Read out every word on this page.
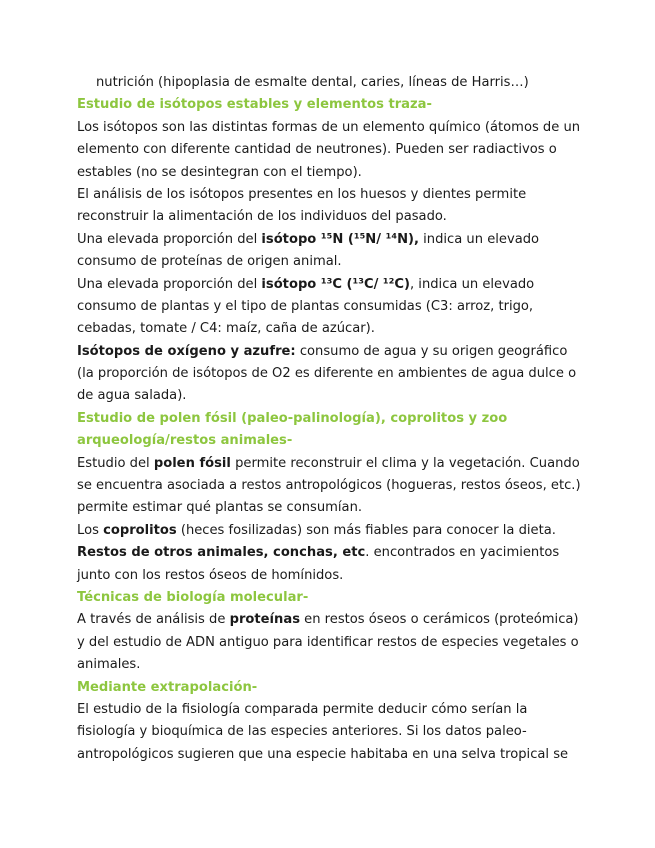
nutrición (hipoplasia de esmalte dental, caries, líneas de Harris…)
Estudio de isótopos estables y elementos traza-
Los isótopos son las distintas formas de un elemento químico (átomos de un
elemento con diferente cantidad de neutrones). Pueden ser radiactivos o
estables (no se desintegran con el tiempo).
El análisis de los isótopos presentes en los huesos y dientes permite
reconstruir la alimentación de los individuos del pasado.
Una elevada proporción del isótopo ¹⁵N (¹⁵N/ ¹⁴N), indica un elevado
consumo de proteínas de origen animal.
Una elevada proporción del isótopo ¹³C (¹³C/ ¹²C), indica un elevado
consumo de plantas y el tipo de plantas consumidas (C3: arroz, trigo,
cebadas, tomate / C4: maíz, caña de azúcar).
Isótopos de oxígeno y azufre: consumo de agua y su origen geográfico
(la proporción de isótopos de O2 es diferente en ambientes de agua dulce o
de agua salada).
Estudio de polen fósil (paleo-palinología), coprolitos y zoo
arqueología/restos animales-
Estudio del polen fósil permite reconstruir el clima y la vegetación. Cuando
se encuentra asociada a restos antropológicos (hogueras, restos óseos, etc.)
permite estimar qué plantas se consumían.
Los coprolitos (heces fosilizadas) son más fiables para conocer la dieta.
Restos de otros animales, conchas, etc. encontrados en yacimientos
junto con los restos óseos de homínidos.
Técnicas de biología molecular-
A través de análisis de proteínas en restos óseos o cerámicos (proteómica)
y del estudio de ADN antiguo para identificar restos de especies vegetales o
animales.
Mediante extrapolación-
El estudio de la fisiología comparada permite deducir cómo serían la
fisiología y bioquímica de las especies anteriores. Si los datos paleo-
antropológicos sugieren que una especie habitaba en una selva tropical se
